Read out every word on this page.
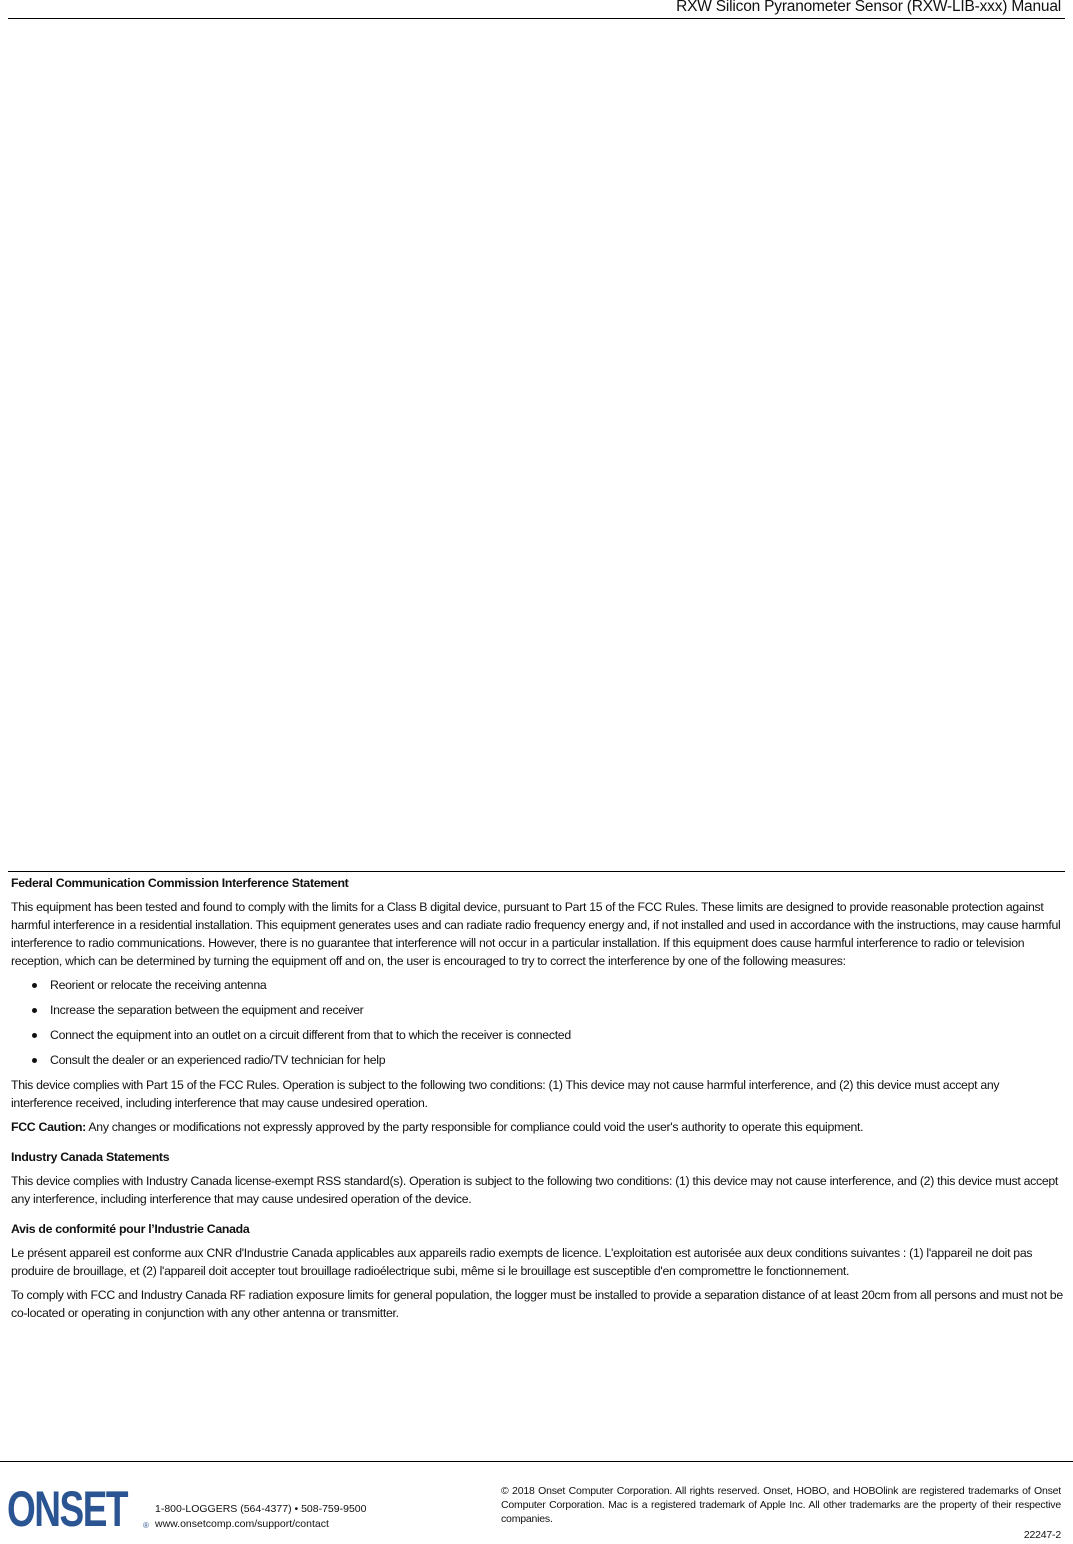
RXW Silicon Pyranometer Sensor (RXW-LIB-xxx) Manual
Federal Communication Commission Interference Statement
This equipment has been tested and found to comply with the limits for a Class B digital device, pursuant to Part 15 of the FCC Rules. These limits are designed to provide reasonable protection against harmful interference in a residential installation. This equipment generates uses and can radiate radio frequency energy and, if not installed and used in accordance with the instructions, may cause harmful interference to radio communications. However, there is no guarantee that interference will not occur in a particular installation. If this equipment does cause harmful interference to radio or television reception, which can be determined by turning the equipment off and on, the user is encouraged to try to correct the interference by one of the following measures:
Reorient or relocate the receiving antenna
Increase the separation between the equipment and receiver
Connect the equipment into an outlet on a circuit different from that to which the receiver is connected
Consult the dealer or an experienced radio/TV technician for help
This device complies with Part 15 of the FCC Rules. Operation is subject to the following two conditions: (1) This device may not cause harmful interference, and (2) this device must accept any interference received, including interference that may cause undesired operation.
FCC Caution: Any changes or modifications not expressly approved by the party responsible for compliance could void the user's authority to operate this equipment.
Industry Canada Statements
This device complies with Industry Canada license-exempt RSS standard(s). Operation is subject to the following two conditions: (1) this device may not cause interference, and (2) this device must accept any interference, including interference that may cause undesired operation of the device.
Avis de conformité pour l’Industrie Canada
Le présent appareil est conforme aux CNR d'Industrie Canada applicables aux appareils radio exempts de licence. L'exploitation est autorisée aux deux conditions suivantes : (1) l'appareil ne doit pas produire de brouillage, et (2) l'appareil doit accepter tout brouillage radioélectrique subi, même si le brouillage est susceptible d'en compromettre le fonctionnement.
To comply with FCC and Industry Canada RF radiation exposure limits for general population, the logger must be installed to provide a separation distance of at least 20cm from all persons and must not be co-located or operating in conjunction with any other antenna or transmitter.
ONSET ®
1-800-LOGGERS (564-4377) • 508-759-9500
www.onsetcomp.com/support/contact
© 2018 Onset Computer Corporation. All rights reserved. Onset, HOBO, and HOBOlink are registered trademarks of Onset Computer Corporation. Mac is a registered trademark of Apple Inc. All other trademarks are the property of their respective companies.
22247-2
